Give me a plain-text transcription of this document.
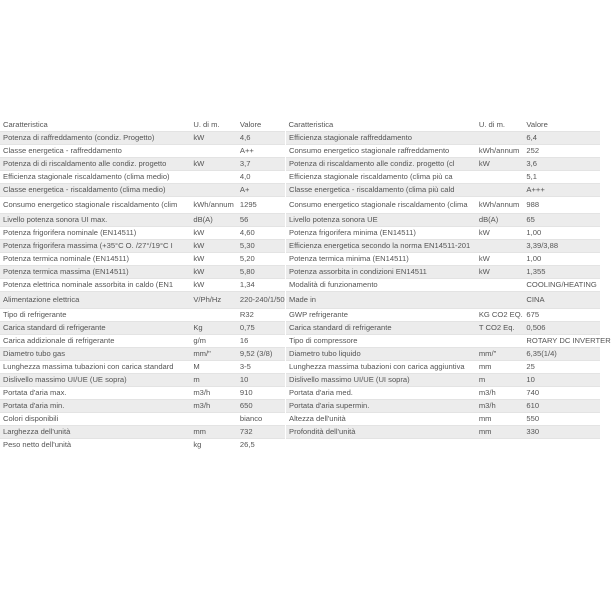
Caratteristica	U. di m.	Valore	Caratteristica	U. di m.	Valore
Potenza di raffreddamento (condiz. Progetto)	kW	4,6	Efficienza stagionale raffreddamento		6,4
Classe energetica - raffreddamento		A++	Consumo energetico stagionale raffreddamento	kWh/annum	252
Potenza di di riscaldamento alle condiz. progetto	kW	3,7	Potenza di riscaldamento alle condiz. progetto (cl	kW	3,6
Efficienza stagionale riscaldamento (clima medio)		4,0	Efficienza stagionale riscaldamento (clima più ca		5,1
Classe energetica - riscaldamento (clima medio)		A+	Classe energetica - riscaldamento (clima più cald		A+++
Consumo energetico stagionale riscaldamento (clim	kWh/annum	1295	Consumo energetico stagionale riscaldamento (clima	kWh/annum	988
Livello potenza sonora UI max.	dB(A)	56	Livello potenza sonora UE	dB(A)	65
Potenza frigorifera nominale (EN14511)	kW	4,60	Potenza frigorifera minima (EN14511)	kW	1,00
Potenza frigorifera massima (+35°C O. /27°/19°C I	kW	5,30	Efficienza energetica secondo la norma EN14511-201		3,39/3,88
Potenza termica nominale (EN14511)	kW	5,20	Potenza termica minima (EN14511)	kW	1,00
Potenza termica massima (EN14511)	kW	5,80	Potenza assorbita in condizioni EN14511	kW	1,355
Potenza elettrica nominale assorbita in caldo (EN1	kW	1,34	Modalità di funzionamento		COOLING/HEATING
Alimentazione elettrica	V/Ph/Hz	220-240/1/50	Made in		CINA
Tipo di refrigerante		R32	GWP refrigerante	KG CO2 EQ.	675
Carica standard di refrigerante	Kg	0,75	Carica standard di refrigerante	T CO2 Eq.	0,506
Carica addizionale di refrigerante	g/m	16	Tipo di compressore		ROTARY DC INVERTER
Diametro tubo gas	mm/"	9,52 (3/8)	Diametro tubo liquido	mm/"	6,35(1/4)
Lunghezza massima tubazioni con carica standard	M	3-5	Lunghezza massima tubazioni con carica aggiuntiva	mm	25
Dislivello massimo UI/UE (UE sopra)	m	10	Dislivello massimo UI/UE (UI sopra)	m	10
Portata d'aria max.	m3/h	910	Portata d'aria med.	m3/h	740
Portata d'aria min.	m3/h	650	Portata d'aria supermin.	m3/h	610
Colori disponibili		bianco	Altezza dell'unità	mm	550
Larghezza dell'unità	mm	732	Profondità dell'unità	mm	330
Peso netto dell'unità	kg	26,5			
